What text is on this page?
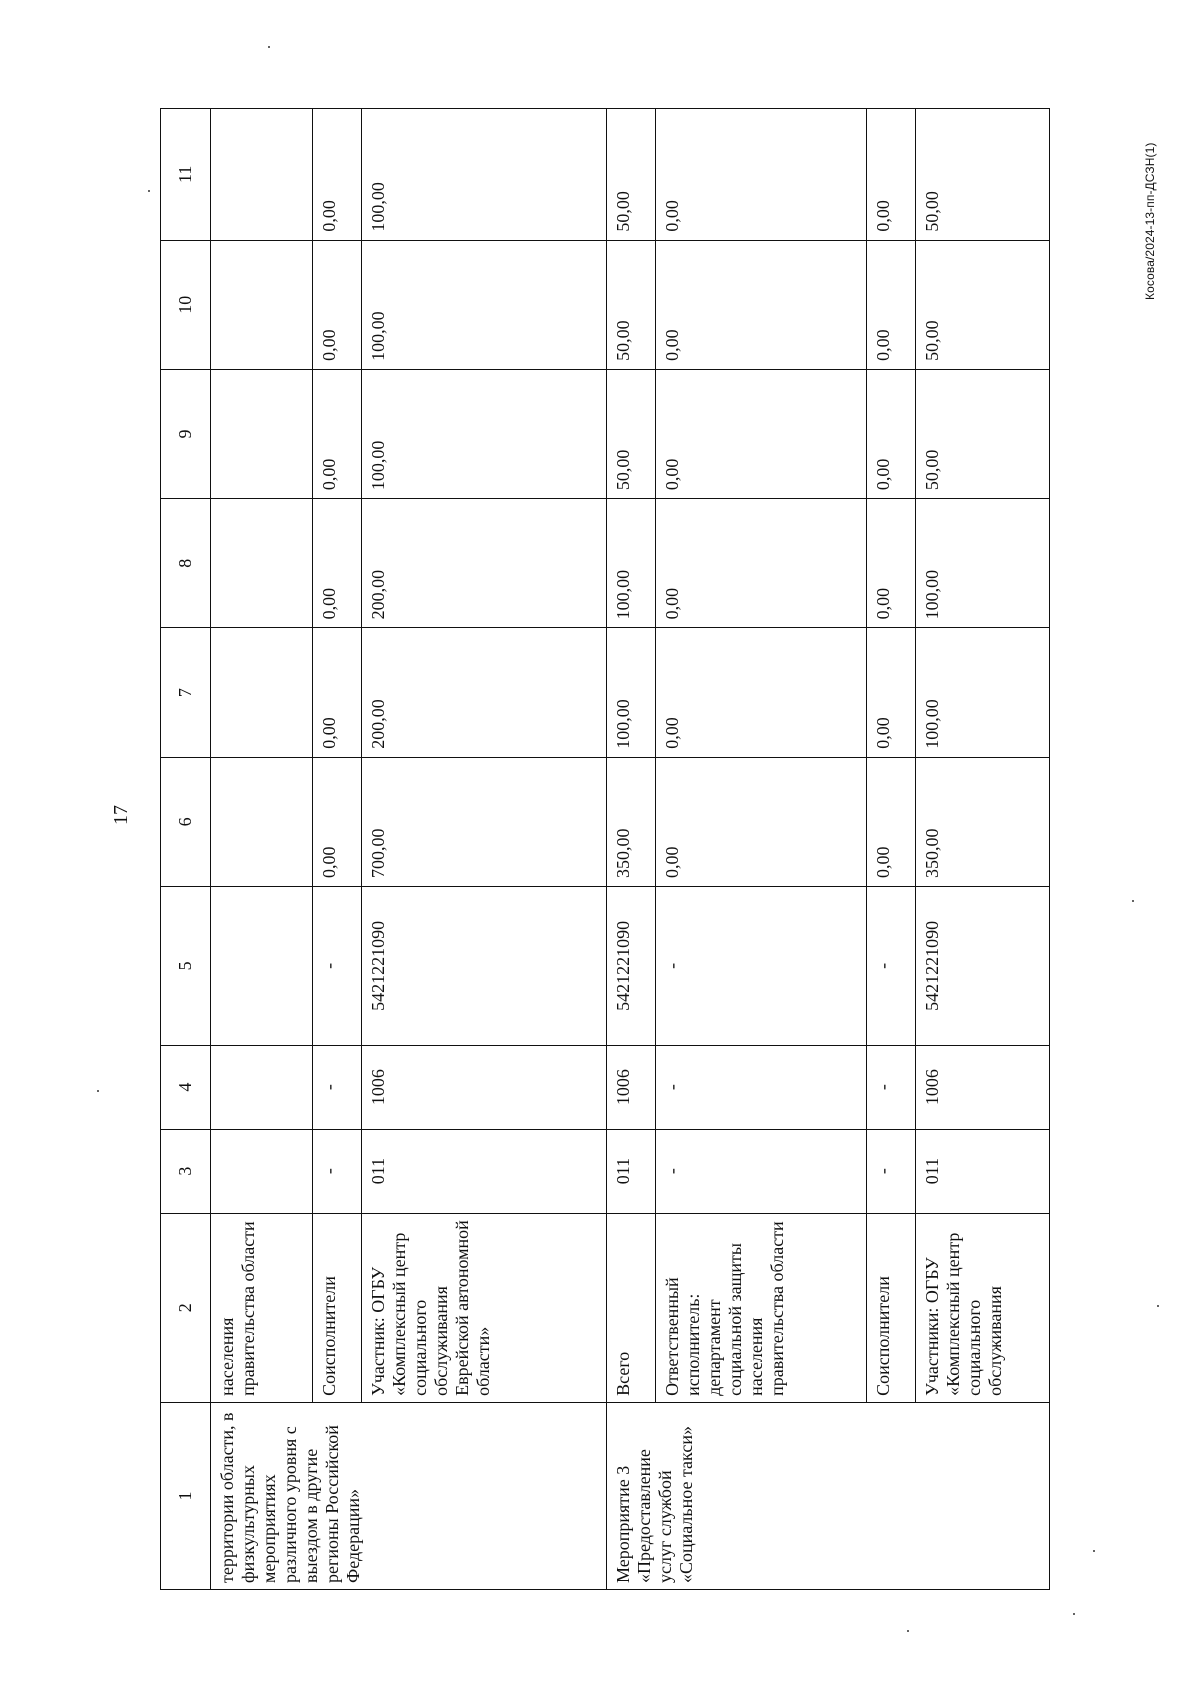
17
Косова/2024-13-пп-ДСЗН(1)
1	2	3	4	5	6	7	8	9	10	11
территории области, в физкультурных мероприятиях различного уровня с выездом в другие регионы Российской Федерации»	населения правительства области									
	Соисполнители	-	-	-	0,00	0,00	0,00	0,00	0,00	0,00
	Участник: ОГБУ «Комплексный центр социального обслуживания Еврейской автономной области»	011	1006	5421221090	700,00	200,00	200,00	100,00	100,00	100,00
Мероприятие 3 «Предоставление услуг службой «Социальное такси»	Всего	011	1006	5421221090	350,00	100,00	100,00	50,00	50,00	50,00
	Ответственный исполнитель: департамент социальной защиты населения правительства области	-	-	-	0,00	0,00	0,00	0,00	0,00	0,00
	Соисполнители	-	-	-	0,00	0,00	0,00	0,00	0,00	0,00
	Участники: ОГБУ «Комплексный центр социального обслуживания	011	1006	5421221090	350,00	100,00	100,00	50,00	50,00	50,00
